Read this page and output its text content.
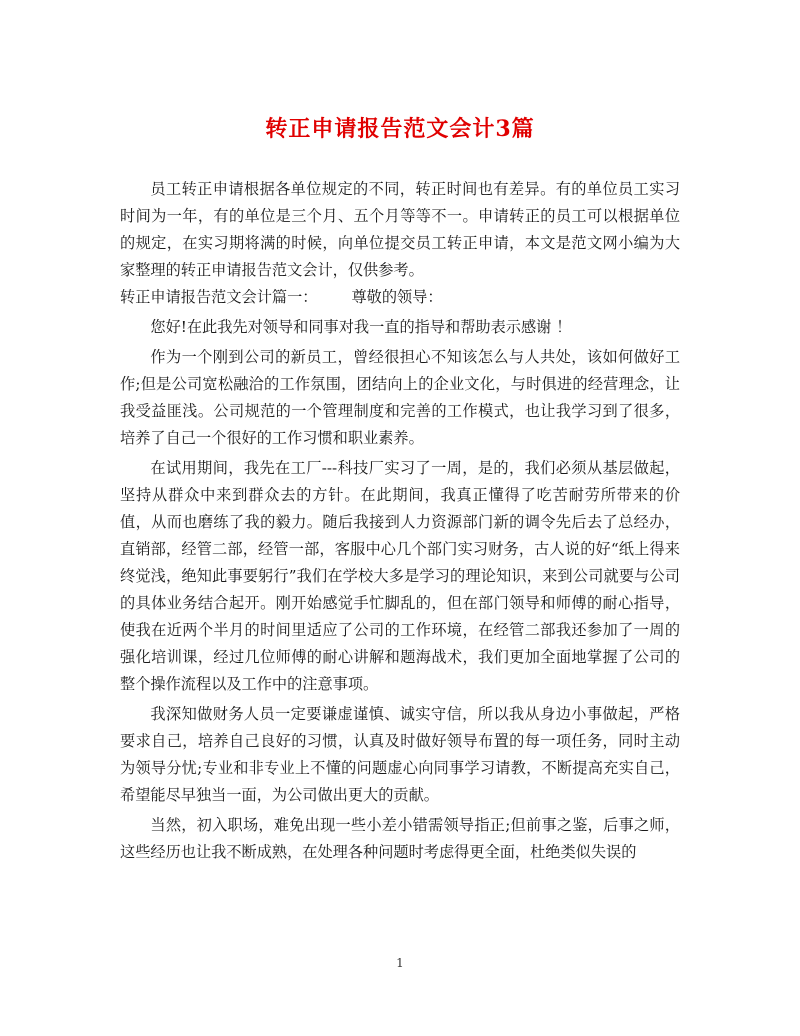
转正申请报告范文会计3篇

员工转正申请根据各单位规定的不同，转正时间也有差异。有的单位员工实习时间为一年，有的单位是三个月、五个月等等不一。申请转正的员工可以根据单位的规定，在实习期将满的时候，向单位提交员工转正申请，本文是范文网小编为大家整理的转正申请报告范文会计，仅供参考。

转正申请报告范文会计篇一： 尊敬的领导：

您好!在此我先对领导和同事对我一直的指导和帮助表示感谢 ！

作为一个刚到公司的新员工，曾经很担心不知该怎么与人共处，该如何做好工作;但是公司宽松融洽的工作氛围，团结向上的企业文化，与时俱进的经营理念，让我受益匪浅。公司规范的一个管理制度和完善的工作模式，也让我学习到了很多，培养了自己一个很好的工作习惯和职业素养。

在试用期间，我先在工厂---科技厂实习了一周，是的，我们必须从基层做起，坚持从群众中来到群众去的方针。在此期间，我真正懂得了吃苦耐劳所带来的价值，从而也磨练了我的毅力。随后我接到人力资源部门新的调令先后去了总经办，直销部，经管二部，经管一部，客服中心几个部门实习财务，古人说的好“纸上得来终觉浅，绝知此事要躬行”我们在学校大多是学习的理论知识，来到公司就要与公司的具体业务结合起开。刚开始感觉手忙脚乱的，但在部门领导和师傅的耐心指导，使我在近两个半月的时间里适应了公司的工作环境，在经管二部我还参加了一周的强化培训课，经过几位师傅的耐心讲解和题海战术，我们更加全面地掌握了公司的整个操作流程以及工作中的注意事项。

我深知做财务人员一定要谦虚谨慎、诚实守信，所以我从身边小事做起，严格要求自己，培养自己良好的习惯，认真及时做好领导布置的每一项任务，同时主动为领导分忧;专业和非专业上不懂的问题虚心向同事学习请教，不断提高充实自己，希望能尽早独当一面，为公司做出更大的贡献。

当然，初入职场，难免出现一些小差小错需领导指正;但前事之鉴，后事之师，这些经历也让我不断成熟，在处理各种问题时考虑得更全面，杜绝类似失误的

1
